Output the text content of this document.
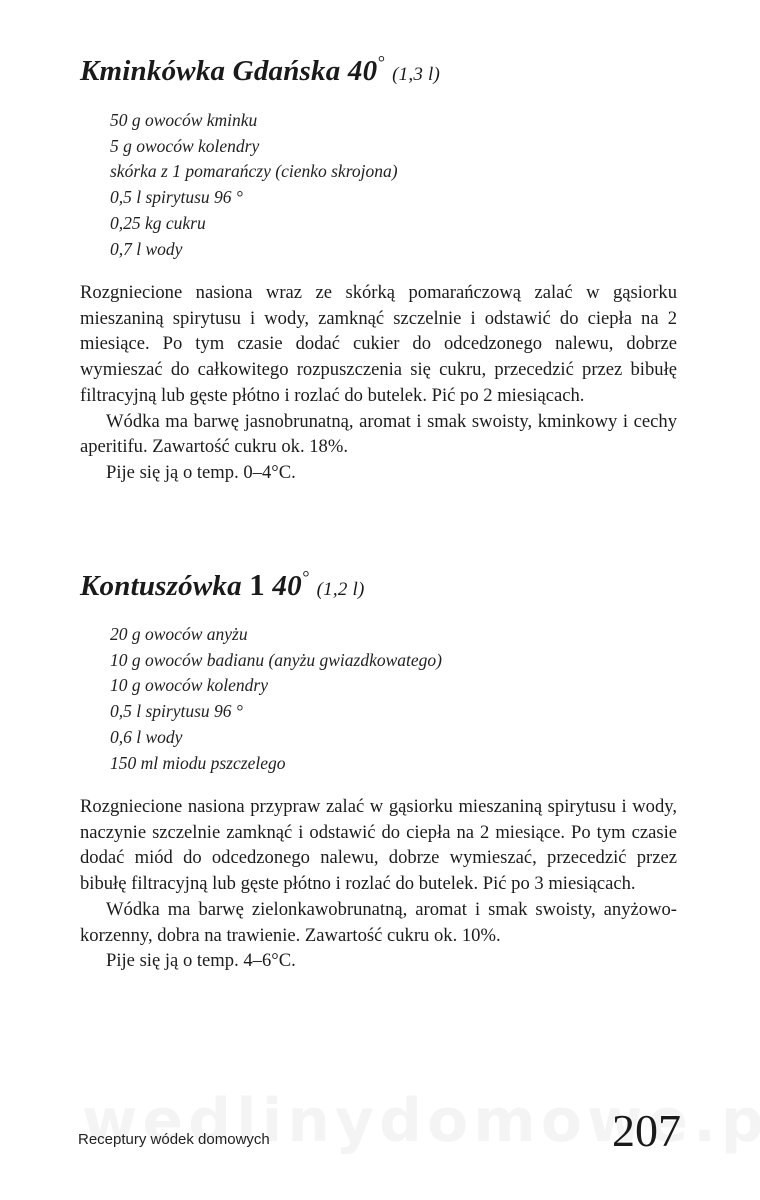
Kminkówka Gdańska 40° (1,3 l)
50 g owoców kminku
5 g owoców kolendry
skórka z 1 pomarańczy (cienko skrojona)
0,5 l spirytusu 96 °
0,25 kg cukru
0,7 l wody

Rozgniecione nasiona wraz ze skórką pomarańczową zalać w gąsiorku mieszaniną spirytusu i wody, zamknąć szczelnie i odstawić do ciepła na 2 miesiące. Po tym czasie dodać cukier do odcedzonego nalewu, dobrze wymieszać do całkowitego rozpuszczenia się cukru, przecedzić przez bibułę filtracyjną lub gęste płótno i rozlać do butelek. Pić po 2 miesiącach.

Wódka ma barwę jasnobrunatną, aromat i smak swoisty, kminkowy i cechy aperitifu. Zawartość cukru ok. 18%.

Pije się ją o temp. 0–4°C.

Kontuszówka 1 40° (1,2 l)
20 g owoców anyżu
10 g owoców badianu (anyżu gwiazdkowatego)
10 g owoców kolendry
0,5 l spirytusu 96 °
0,6 l wody
150 ml miodu pszczelego

Rozgniecione nasiona przypraw zalać w gąsiorku mieszaniną spirytusu i wody, naczynie szczelnie zamknąć i odstawić do ciepła na 2 miesiące. Po tym czasie dodać miód do odcedzonego nalewu, dobrze wymieszać, przecedzić przez bibułę filtracyjną lub gęste płótno i rozlać do butelek. Pić po 3 miesiącach.

Wódka ma barwę zielonkawobrunatną, aromat i smak swoisty, anyżowo-korzenny, dobra na trawienie. Zawartość cukru ok. 10%.

Pije się ją o temp. 4–6°C.

Receptury wódek domowych	207
